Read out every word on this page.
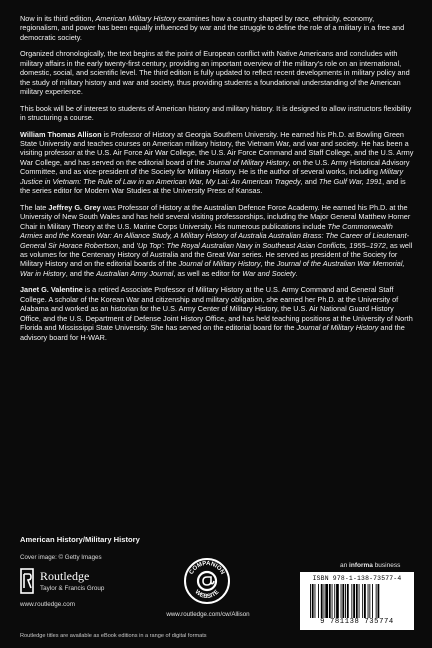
Now in its third edition, American Military History examines how a country shaped by race, ethnicity, economy, regionalism, and power has been equally influenced by war and the struggle to define the role of a military in a free and democratic society.

Organized chronologically, the text begins at the point of European conflict with Native Americans and concludes with military affairs in the early twenty-first century, providing an important overview of the military's role on an international, domestic, social, and scientific level. The third edition is fully updated to reflect recent developments in military policy and the study of military history and war and society, thus providing students a foundational understanding of the American military experience.

This book will be of interest to students of American history and military history. It is designed to allow instructors flexibility in structuring a course.

William Thomas Allison is Professor of History at Georgia Southern University. He earned his Ph.D. at Bowling Green State University and teaches courses on American military history, the Vietnam War, and war and society. He has been a visiting professor at the U.S. Air Force Air War College, the U.S. Air Force Command and Staff College, and the U.S. Army War College, and has served on the editorial board of the Journal of Military History, on the U.S. Army Historical Advisory Committee, and as vice-president of the Society for Military History. He is the author of several works, including Military Justice in Vietnam: The Rule of Law in an American War, My Lai: An American Tragedy, and The Gulf War, 1991, and is the series editor for Modern War Studies at the University Press of Kansas.

The late Jeffrey G. Grey was Professor of History at the Australian Defence Force Academy. He earned his Ph.D. at the University of New South Wales and has held several visiting professorships, including the Major General Matthew Horner Chair in Military Theory at the U.S. Marine Corps University. His numerous publications include The Commonwealth Armies and the Korean War: An Alliance Study, A Military History of Australia Australian Brass: The Career of Lieutenant-General Sir Horace Robertson, and 'Up Top': The Royal Australian Navy in Southeast Asian Conflicts, 1955–1972, as well as volumes for the Centenary History of Australia and the Great War series. He served as president of the Society for Military History and on the editorial boards of the Journal of Military History, the Journal of the Australian War Memorial, War in History, and the Australian Army Journal, as well as editor for War and Society.

Janet G. Valentine is a retired Associate Professor of Military History at the U.S. Army Command and General Staff College. A scholar of the Korean War and citizenship and military obligation, she earned her Ph.D. at the University of Alabama and worked as an historian for the U.S. Army Center of Military History, the U.S. Air National Guard History Office, and the U.S. Department of Defense Joint History Office, and has held teaching positions at the University of North Florida and Mississippi State University. She has served on the editorial board for the Journal of Military History and the advisory board for H-WAR.

American History/Military History
Cover image: © Getty Images
Routledge
Taylor & Francis Group
www.routledge.com
COMPANION
WEBSITE
www.routledge.com/cw/Allison
an informa business
ISBN 978-1-138-73577-4
9 781138 735774
Routledge titles are available as eBook editions in a range of digital formats
